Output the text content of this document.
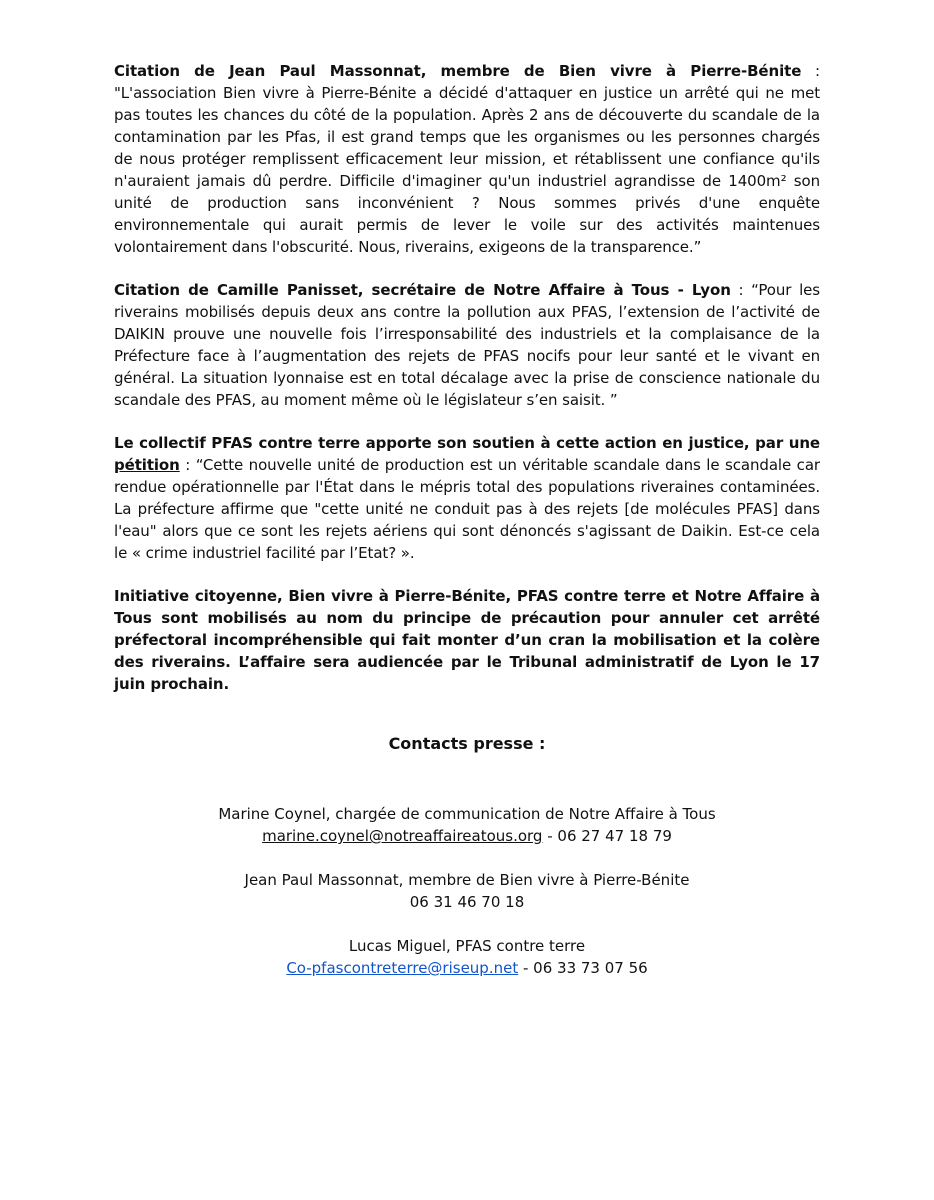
Citation de Jean Paul Massonnat, membre de Bien vivre à Pierre-Bénite : "L'association Bien vivre à Pierre-Bénite a décidé d'attaquer en justice un arrêté qui ne met pas toutes les chances du côté de la population. Après 2 ans de découverte du scandale de la contamination par les Pfas, il est grand temps que les organismes ou les personnes chargés de nous protéger remplissent efficacement leur mission, et rétablissent une confiance qu'ils n'auraient jamais dû perdre. Difficile d'imaginer qu'un industriel agrandisse de 1400m² son unité de production sans inconvénient ? Nous sommes privés d'une enquête environnementale qui aurait permis de lever le voile sur des activités maintenues volontairement dans l'obscurité. Nous, riverains, exigeons de la transparence.”

Citation de Camille Panisset, secrétaire de Notre Affaire à Tous - Lyon : “Pour les riverains mobilisés depuis deux ans contre la pollution aux PFAS, l’extension de l’activité de DAIKIN prouve une nouvelle fois l’irresponsabilité des industriels et la complaisance de la Préfecture face à l’augmentation des rejets de PFAS nocifs pour leur santé et le vivant en général. La situation lyonnaise est en total décalage avec la prise de conscience nationale du scandale des PFAS, au moment même où le législateur s’en saisit. ”

Le collectif PFAS contre terre apporte son soutien à cette action en justice, par une pétition : “Cette nouvelle unité de production est un véritable scandale dans le scandale car rendue opérationnelle par l'État dans le mépris total des populations riveraines contaminées. La préfecture affirme que "cette unité ne conduit pas à des rejets [de molécules PFAS] dans l'eau" alors que ce sont les rejets aériens qui sont dénoncés s'agissant de Daikin. Est-ce cela le « crime industriel facilité par l’Etat? ».

Initiative citoyenne, Bien vivre à Pierre-Bénite, PFAS contre terre et Notre Affaire à Tous sont mobilisés au nom du principe de précaution pour annuler cet arrêté préfectoral incompréhensible qui fait monter d’un cran la mobilisation et la colère des riverains. L’affaire sera audiencée par le Tribunal administratif de Lyon le 17 juin prochain.

Contacts presse :
Marine Coynel, chargée de communication de Notre Affaire à Tous
marine.coynel@notreaffaireatous.org - 06 27 47 18 79
Jean Paul Massonnat, membre de Bien vivre à Pierre-Bénite
06 31 46 70 18
Lucas Miguel, PFAS contre terre
Co-pfascontreterre@riseup.net - 06 33 73 07 56
